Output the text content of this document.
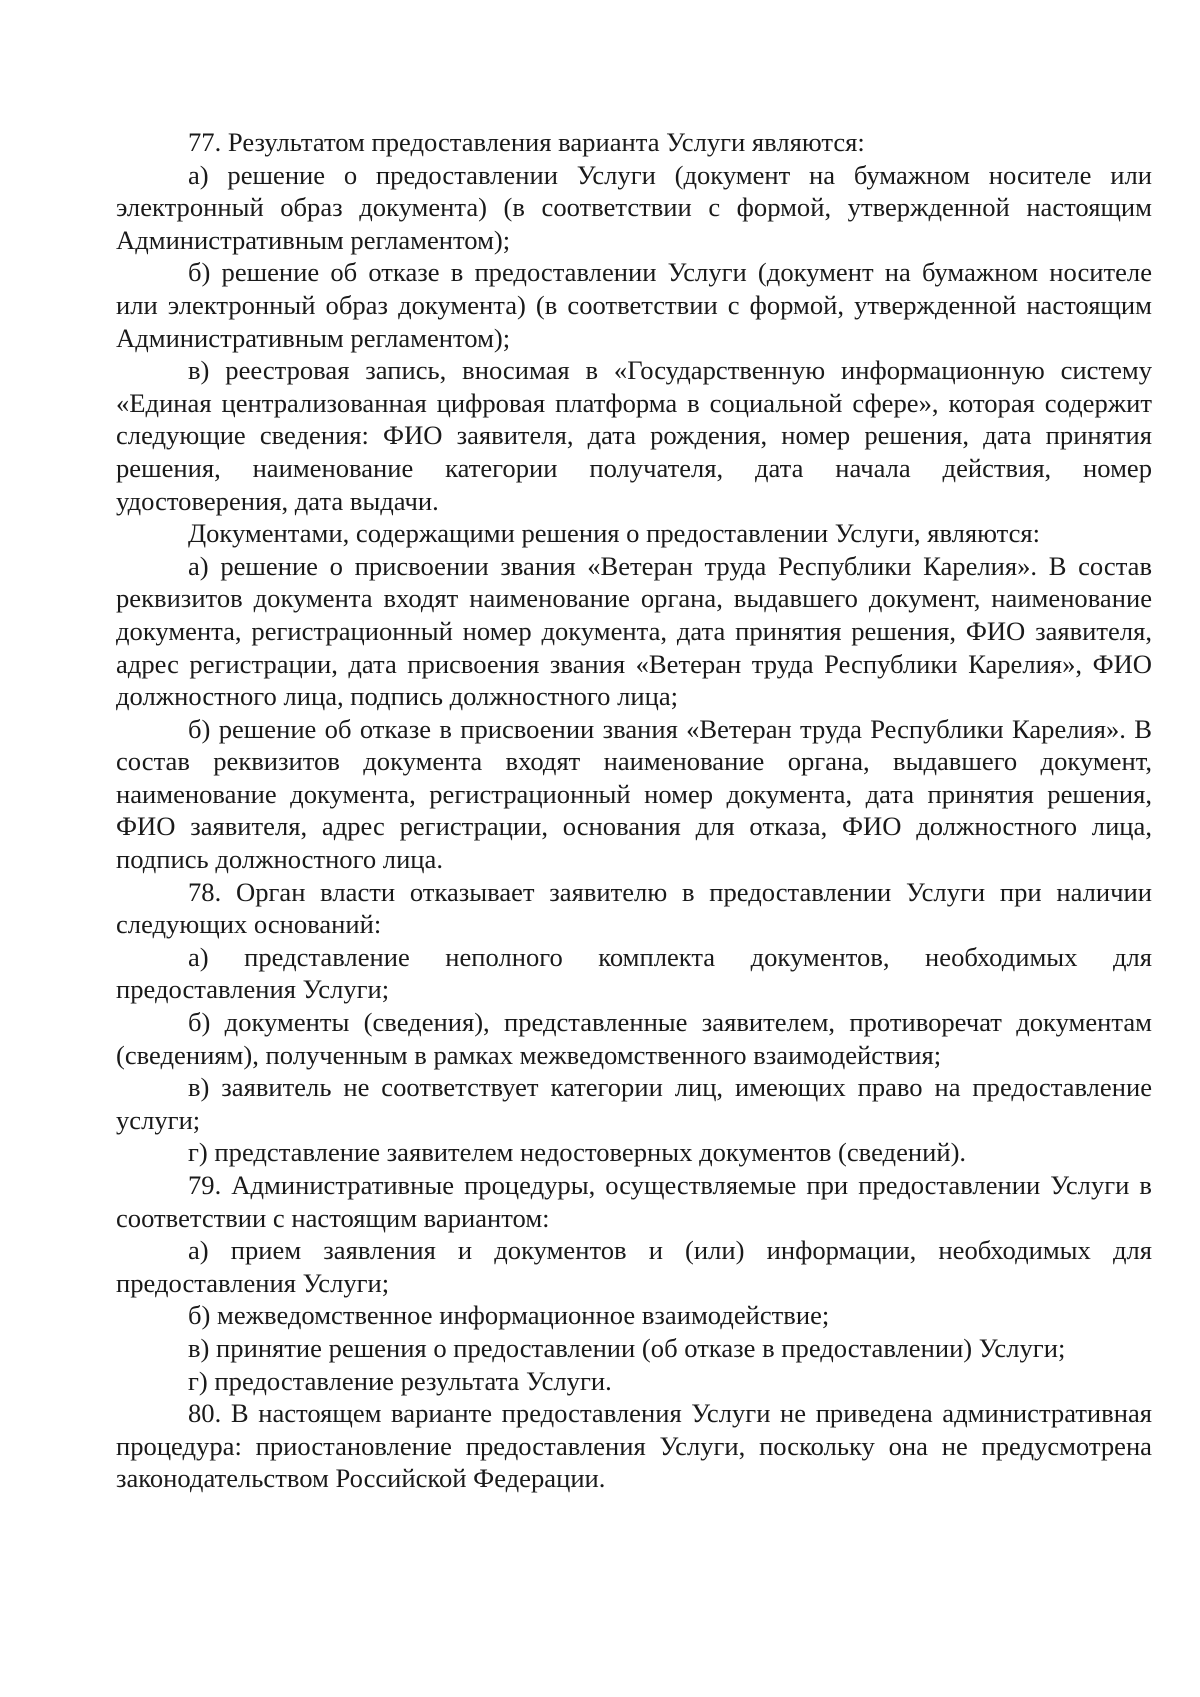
77. Результатом предоставления варианта Услуги являются:

а) решение о предоставлении Услуги (документ на бумажном носителе или электронный образ документа) (в соответствии с формой, утвержденной настоящим Административным регламентом);

б) решение об отказе в предоставлении Услуги (документ на бумажном носителе или электронный образ документа) (в соответствии с формой, утвержденной настоящим Административным регламентом);

в) реестровая запись, вносимая в «Государственную информационную систему «Единая централизованная цифровая платформа в социальной сфере», которая содержит следующие сведения: ФИО заявителя, дата рождения, номер решения, дата принятия решения, наименование категории получателя, дата начала действия, номер удостоверения, дата выдачи.

Документами, содержащими решения о предоставлении Услуги, являются:

а) решение о присвоении звания «Ветеран труда Республики Карелия». В состав реквизитов документа входят наименование органа, выдавшего документ, наименование документа, регистрационный номер документа, дата принятия решения, ФИО заявителя, адрес регистрации, дата присвоения звания «Ветеран труда Республики Карелия», ФИО должностного лица, подпись должностного лица;

б) решение об отказе в присвоении звания «Ветеран труда Республики Карелия». В состав реквизитов документа входят наименование органа, выдавшего документ, наименование документа, регистрационный номер документа, дата принятия решения, ФИО заявителя, адрес регистрации, основания для отказа, ФИО должностного лица, подпись должностного лица.

78. Орган власти отказывает заявителю в предоставлении Услуги при наличии следующих оснований:

а) представление неполного комплекта документов, необходимых для предоставления Услуги;

б) документы (сведения), представленные заявителем, противоречат документам (сведениям), полученным в рамках межведомственного взаимодействия;

в) заявитель не соответствует категории лиц, имеющих право на предоставление услуги;

г) представление заявителем недостоверных документов (сведений).

79. Административные процедуры, осуществляемые при предоставлении Услуги в соответствии с настоящим вариантом:

а) прием заявления и документов и (или) информации, необходимых для предоставления Услуги;

б) межведомственное информационное взаимодействие;

в) принятие решения о предоставлении (об отказе в предоставлении) Услуги;

г) предоставление результата Услуги.

80. В настоящем варианте предоставления Услуги не приведена административная процедура: приостановление предоставления Услуги, поскольку она не предусмотрена законодательством Российской Федерации.
